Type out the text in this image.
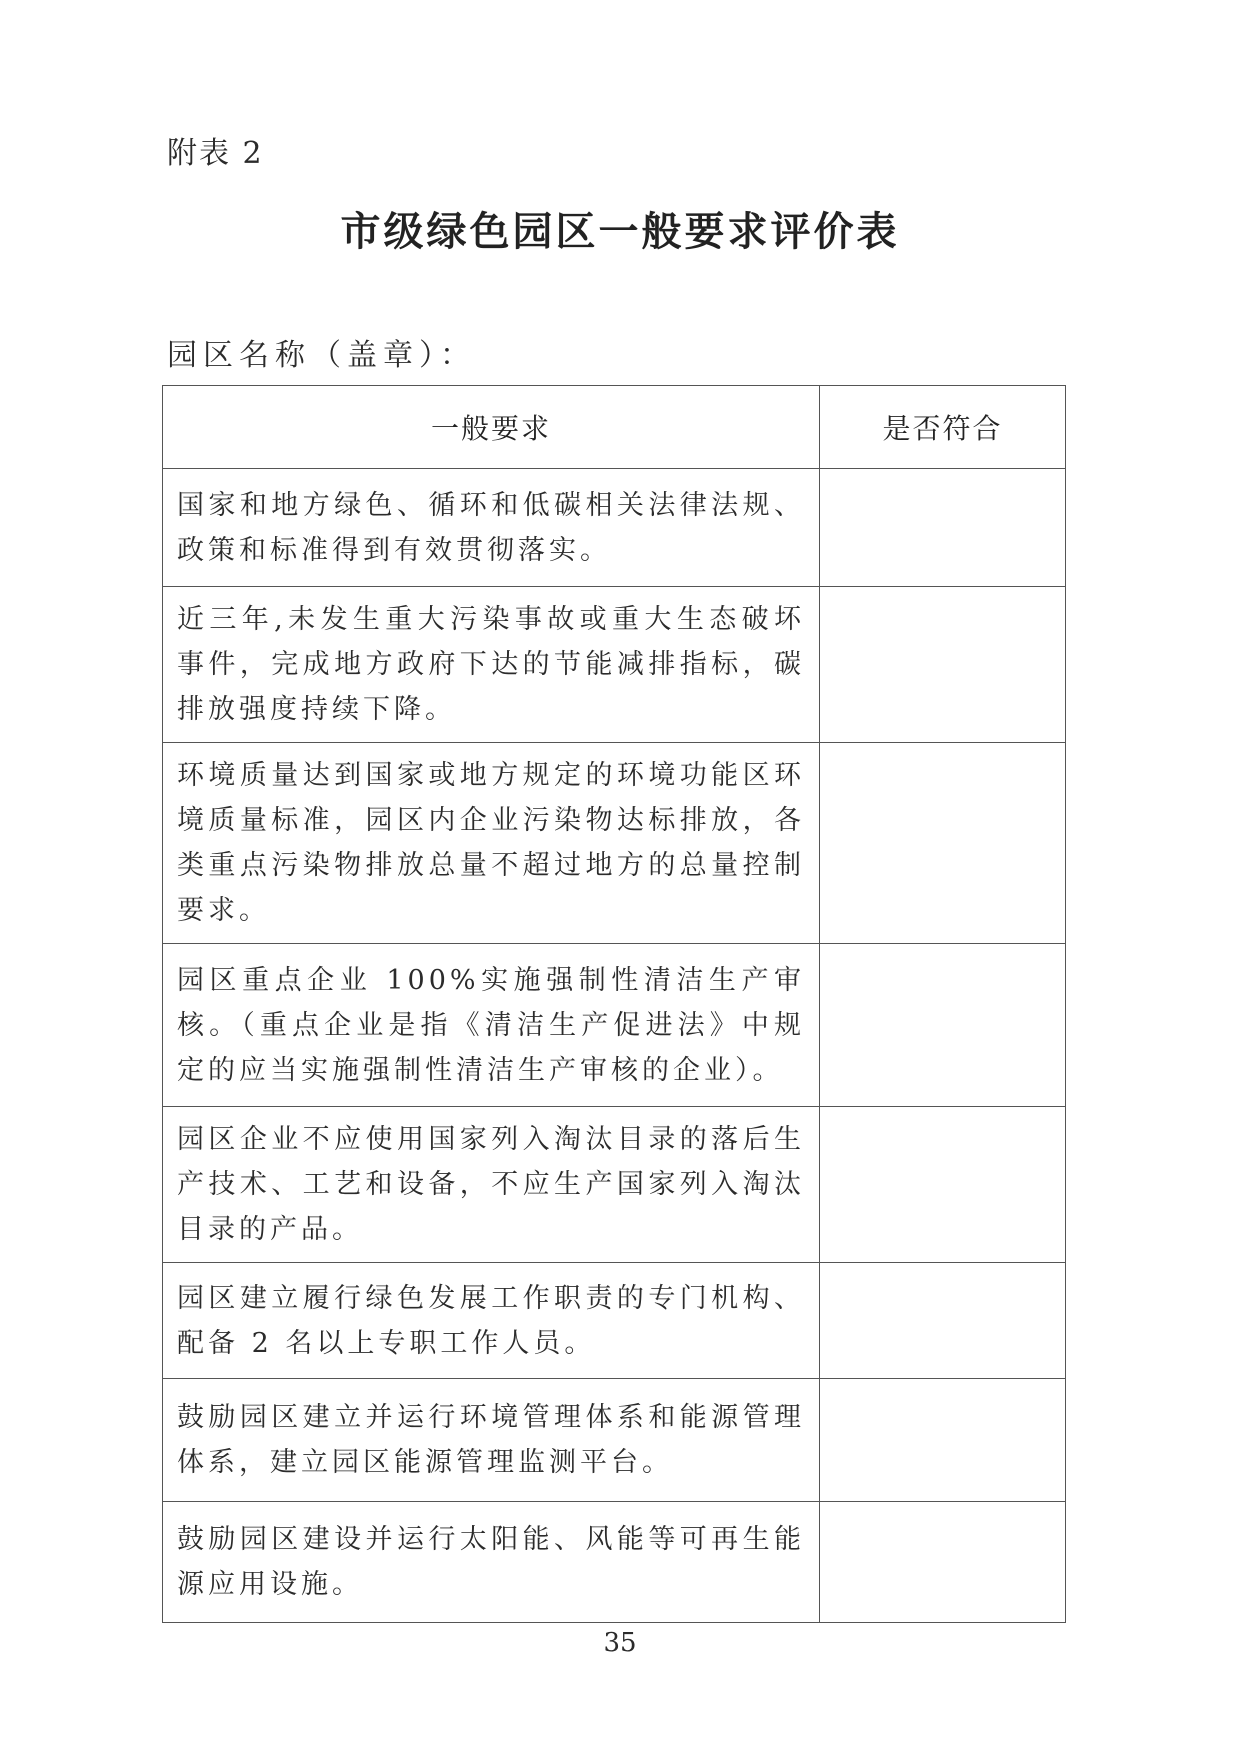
附表 2
市级绿色园区一般要求评价表
园区名称（盖章）：
一般要求	是否符合
国家和地方绿色、循环和低碳相关法律法规、政策和标准得到有效贯彻落实。	
近三年,未发生重大污染事故或重大生态破坏事件，完成地方政府下达的节能减排指标，碳排放强度持续下降。	
环境质量达到国家或地方规定的环境功能区环境质量标准，园区内企业污染物达标排放，各类重点污染物排放总量不超过地方的总量控制要求。	
园区重点企业 100%实施强制性清洁生产审核。（重点企业是指《清洁生产促进法》中规定的应当实施强制性清洁生产审核的企业）。	
园区企业不应使用国家列入淘汰目录的落后生产技术、工艺和设备，不应生产国家列入淘汰目录的产品。	
园区建立履行绿色发展工作职责的专门机构、配备 2 名以上专职工作人员。	
鼓励园区建立并运行环境管理体系和能源管理体系，建立园区能源管理监测平台。	
鼓励园区建设并运行太阳能、风能等可再生能源应用设施。	
35
